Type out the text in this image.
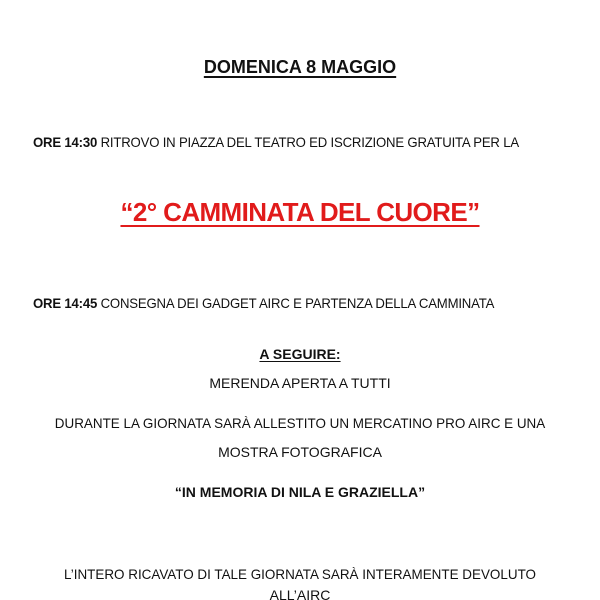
DOMENICA 8 MAGGIO
ORE 14:30 RITROVO IN PIAZZA DEL TEATRO ED ISCRIZIONE GRATUITA PER LA
“2° CAMMINATA DEL CUORE”
ORE 14:45 CONSEGNA DEI GADGET AIRC E PARTENZA DELLA CAMMINATA
A SEGUIRE:
MERENDA APERTA A TUTTI
DURANTE LA GIORNATA SARÀ ALLESTITO UN MERCATINO PRO AIRC E UNA
MOSTRA FOTOGRAFICA
“IN MEMORIA DI NILA E GRAZIELLA”
L’INTERO RICAVATO DI TALE GIORNATA SARÀ INTERAMENTE DEVOLUTO
ALL’AIRC
